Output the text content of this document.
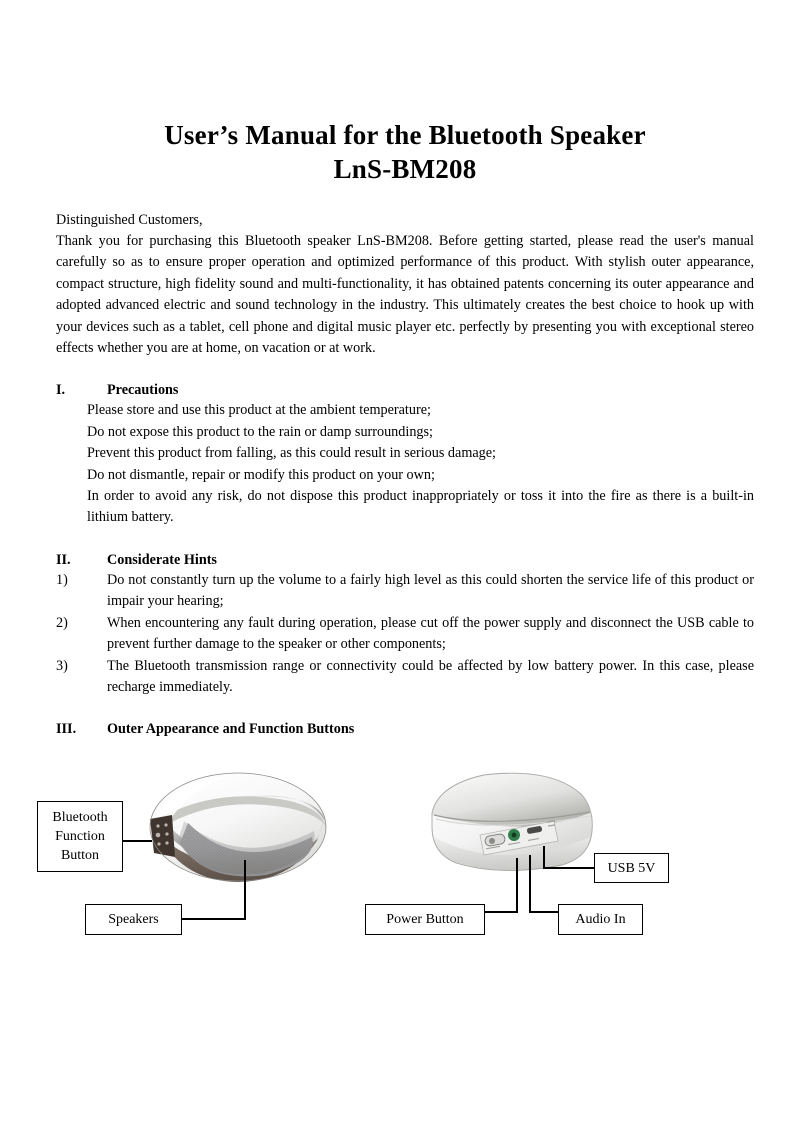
User’s Manual for the Bluetooth Speaker
LnS-BM208

Distinguished Customers,

Thank you for purchasing this Bluetooth speaker LnS-BM208. Before getting started, please read the user's manual carefully so as to ensure proper operation and optimized performance of this product. With stylish outer appearance, compact structure, high fidelity sound and multi-functionality, it has obtained patents concerning its outer appearance and adopted advanced electric and sound technology in the industry. This ultimately creates the best choice to hook up with your devices such as a tablet, cell phone and digital music player etc. perfectly by presenting you with exceptional stereo effects whether you are at home, on vacation or at work.

I.	Precautions
Please store and use this product at the ambient temperature;
Do not expose this product to the rain or damp surroundings;
Prevent this product from falling, as this could result in serious damage;
Do not dismantle, repair or modify this product on your own;
In order to avoid any risk, do not dispose this product inappropriately or toss it into the fire as there is a built-in lithium battery.
II.	Considerate Hints
1)	Do not constantly turn up the volume to a fairly high level as this could shorten the service life of this product or impair your hearing;
2)	When encountering any fault during operation, please cut off the power supply and disconnect the USB cable to prevent further damage to the speaker or other components;
3)	The Bluetooth transmission range or connectivity could be affected by low battery power. In this case, please recharge immediately.
III.	Outer Appearance and Function Buttons
Bluetooth
Function
Button
Speakers
USB 5V
Power Button	Audio In
